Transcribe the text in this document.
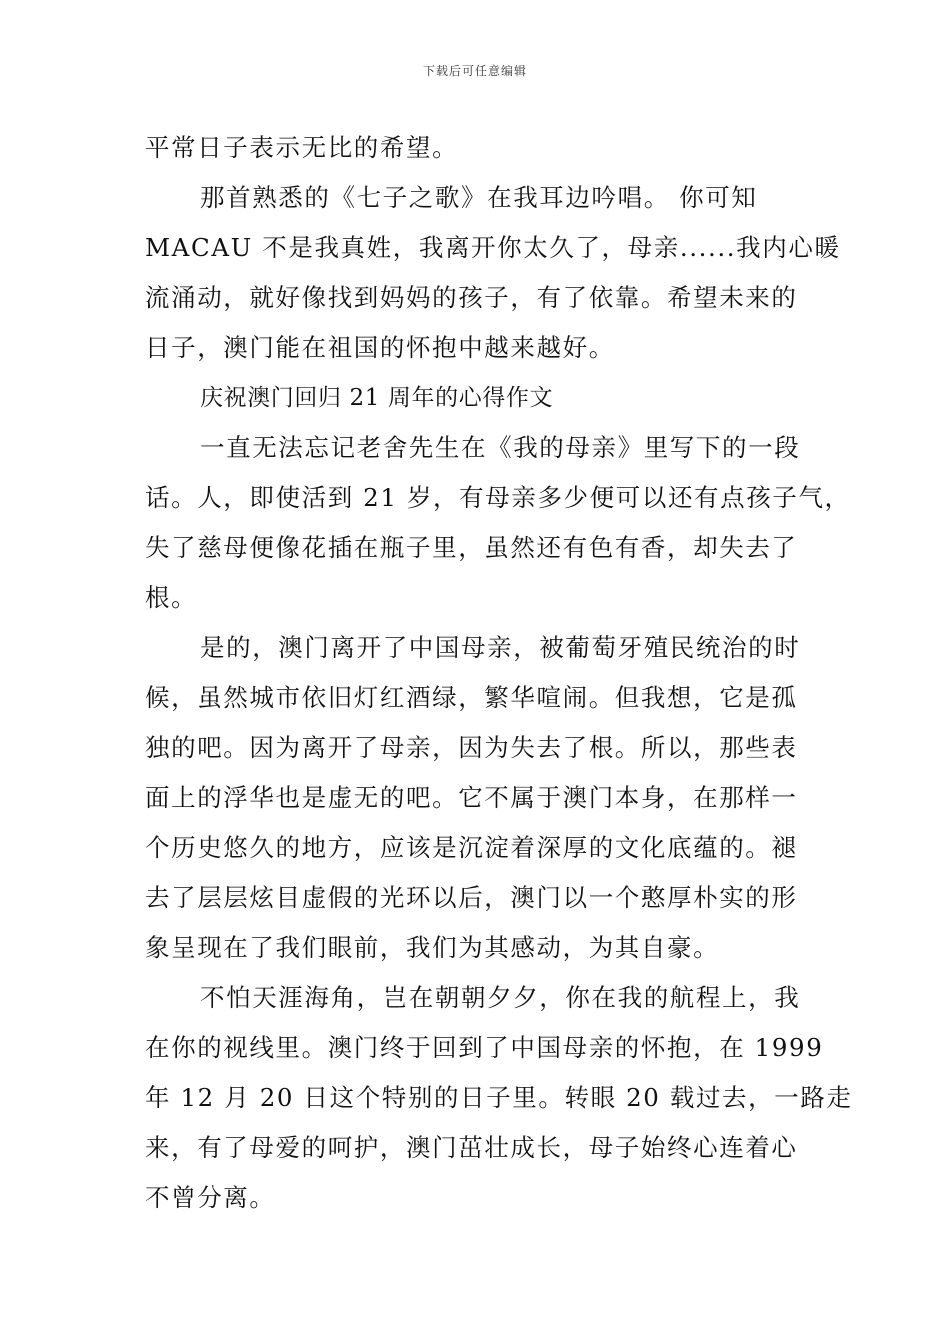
下载后可任意编辑
平常日子表示无比的希望。
那首熟悉的《七子之歌》在我耳边吟唱。 你可知
MACAU 不是我真姓，我离开你太久了，母亲......我内心暖
流涌动，就好像找到妈妈的孩子，有了依靠。希望未来的
日子，澳门能在祖国的怀抱中越来越好。
庆祝澳门回归 21 周年的心得作文
一直无法忘记老舍先生在《我的母亲》里写下的一段
话。人，即使活到 21 岁，有母亲多少便可以还有点孩子气，
失了慈母便像花插在瓶子里，虽然还有色有香，却失去了
根。
是的，澳门离开了中国母亲，被葡萄牙殖民统治的时
候，虽然城市依旧灯红酒绿，繁华喧闹。但我想，它是孤
独的吧。因为离开了母亲，因为失去了根。所以，那些表
面上的浮华也是虚无的吧。它不属于澳门本身，在那样一
个历史悠久的地方，应该是沉淀着深厚的文化底蕴的。褪
去了层层炫目虚假的光环以后，澳门以一个憨厚朴实的形
象呈现在了我们眼前，我们为其感动，为其自豪。
不怕天涯海角，岂在朝朝夕夕，你在我的航程上，我
在你的视线里。澳门终于回到了中国母亲的怀抱，在 1999
年 12 月 20 日这个特别的日子里。转眼 20 载过去，一路走
来，有了母爱的呵护，澳门茁壮成长，母子始终心连着心
不曾分离。
